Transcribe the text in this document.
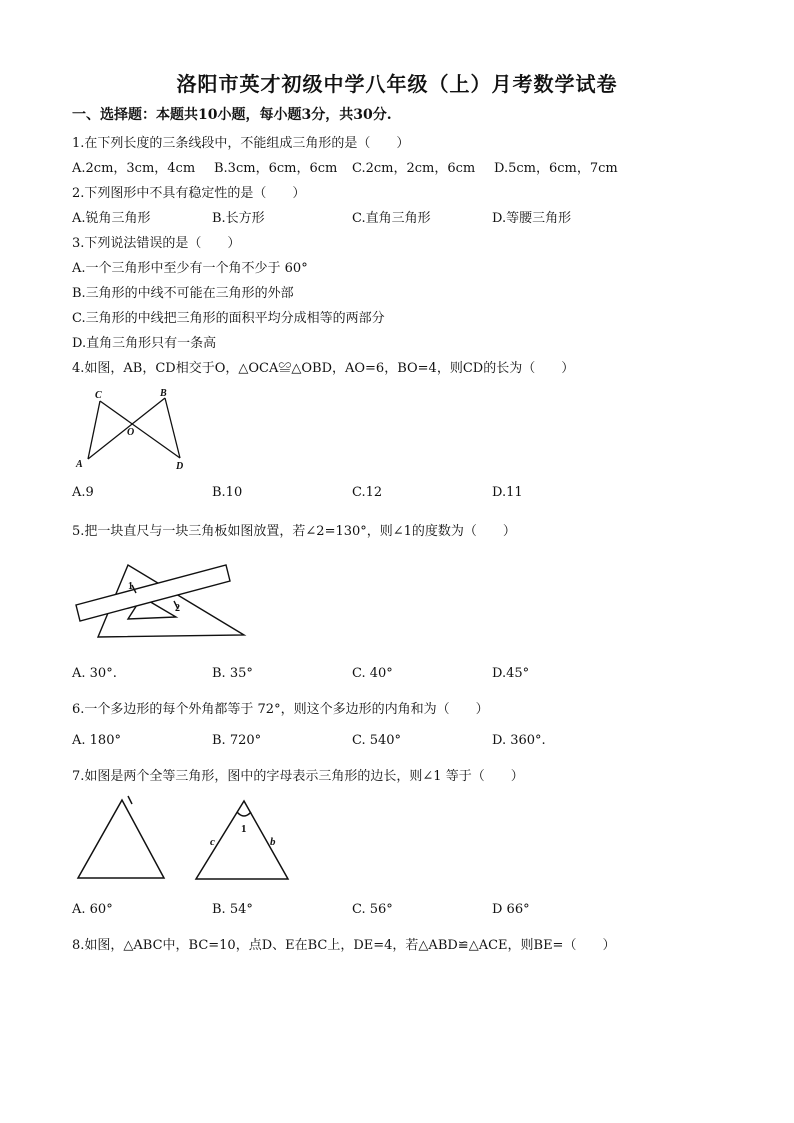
洛阳市英才初级中学八年级（上）月考数学试卷
一、选择题：本题共10小题，每小题3分，共30分.
1.在下列长度的三条线段中，不能组成三角形的是（　　）
A.2cm，3cm，4cm B.3cm，6cm，6cm C.2cm，2cm，6cm D.5cm，6cm，7cm
2.下列图形中不具有稳定性的是（　　）
A.锐角三角形	B.长方形	C.直角三角形	D.等腰三角形
3.下列说法错误的是（　　）
A.一个三角形中至少有一个角不少于 60°
B.三角形的中线不可能在三角形的外部
C.三角形的中线把三角形的面积平均分成相等的两部分
D.直角三角形只有一条高
4.如图，AB，CD相交于O，△OCA≌△OBD，AO=6，BO=4，则CD的长为（　　）
C	B
O
A	D
A.9	B.10	C.12	D.11
5.把一块直尺与一块三角板如图放置，若∠2=130°，则∠1的度数为（　　）
1
2
A. 30°.	B. 35°	C. 40°	D.45°
6.一个多边形的每个外角都等于 72°，则这个多边形的内角和为（　　）
A. 180°	B. 720°	C. 540°	D. 360°.
7.如图是两个全等三角形，图中的字母表示三角形的边长，则∠1 等于（　　）
c
1
b
A. 60°	B. 54°	C. 56°	D 66°
8.如图，△ABC中，BC=10，点D、E在BC上，DE=4，若△ABD≌△ACE，则BE=（　　）
